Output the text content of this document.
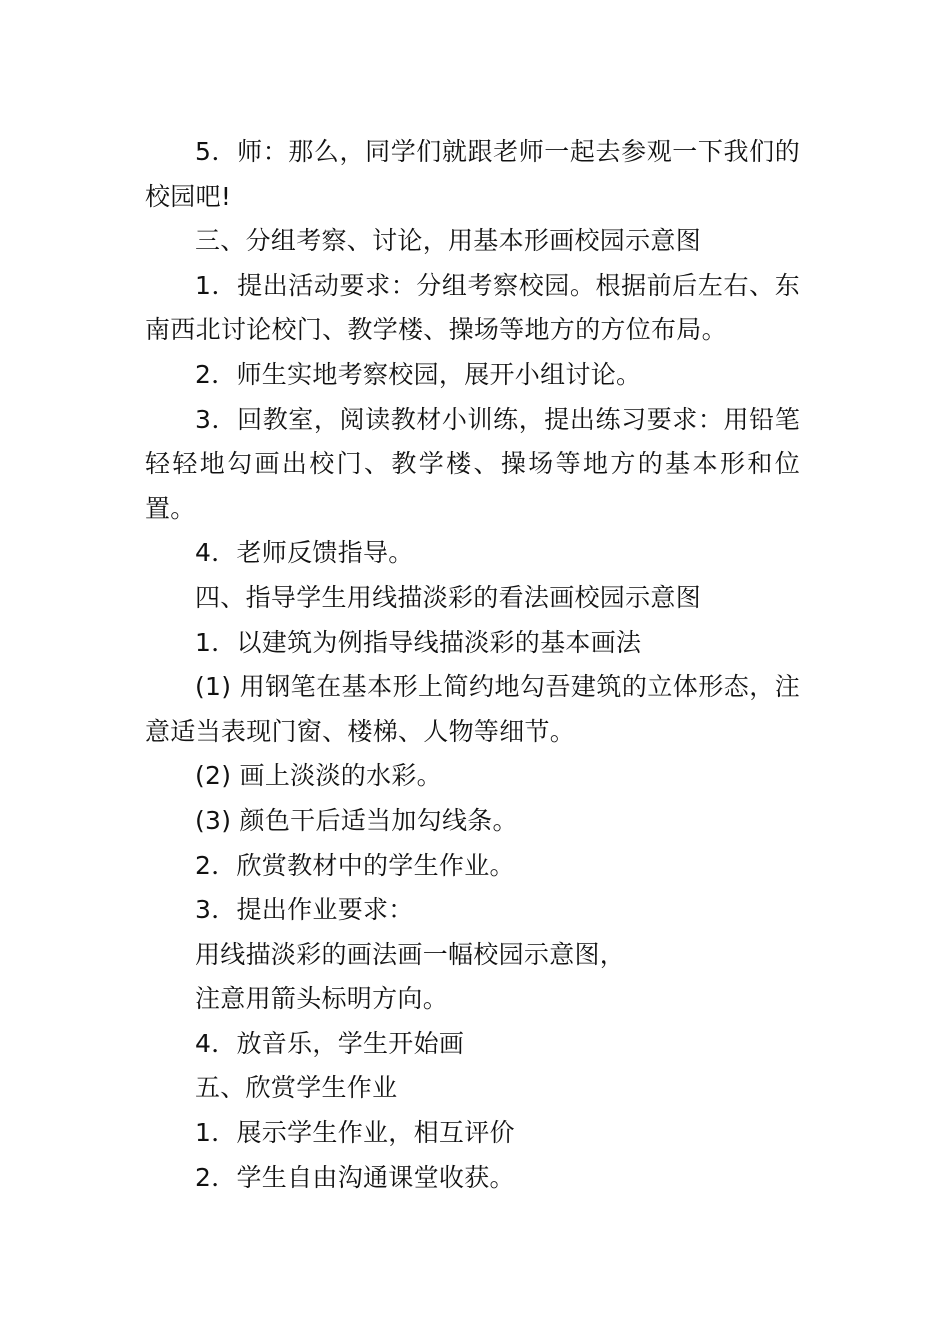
5．师：那么，同学们就跟老师一起去参观一下我们的校园吧!

三、分组考察、讨论，用基本形画校园示意图

1．提出活动要求：分组考察校园。根据前后左右、东南西北讨论校门、教学楼、操场等地方的方位布局。

2．师生实地考察校园，展开小组讨论。

3．回教室，阅读教材小训练，提出练习要求：用铅笔轻轻地勾画出校门、教学楼、操场等地方的基本形和位置。

4．老师反馈指导。

四、指导学生用线描淡彩的看法画校园示意图

1．以建筑为例指导线描淡彩的基本画法

(1) 用钢笔在基本形上简约地勾吾建筑的立体形态，注意适当表现门窗、楼梯、人物等细节。

(2) 画上淡淡的水彩。

(3) 颜色干后适当加勾线条。

2．欣赏教材中的学生作业。

3．提出作业要求：

用线描淡彩的画法画一幅校园示意图，

注意用箭头标明方向。

4．放音乐，学生开始画

五、欣赏学生作业

1．展示学生作业，相互评价

2．学生自由沟通课堂收获。
